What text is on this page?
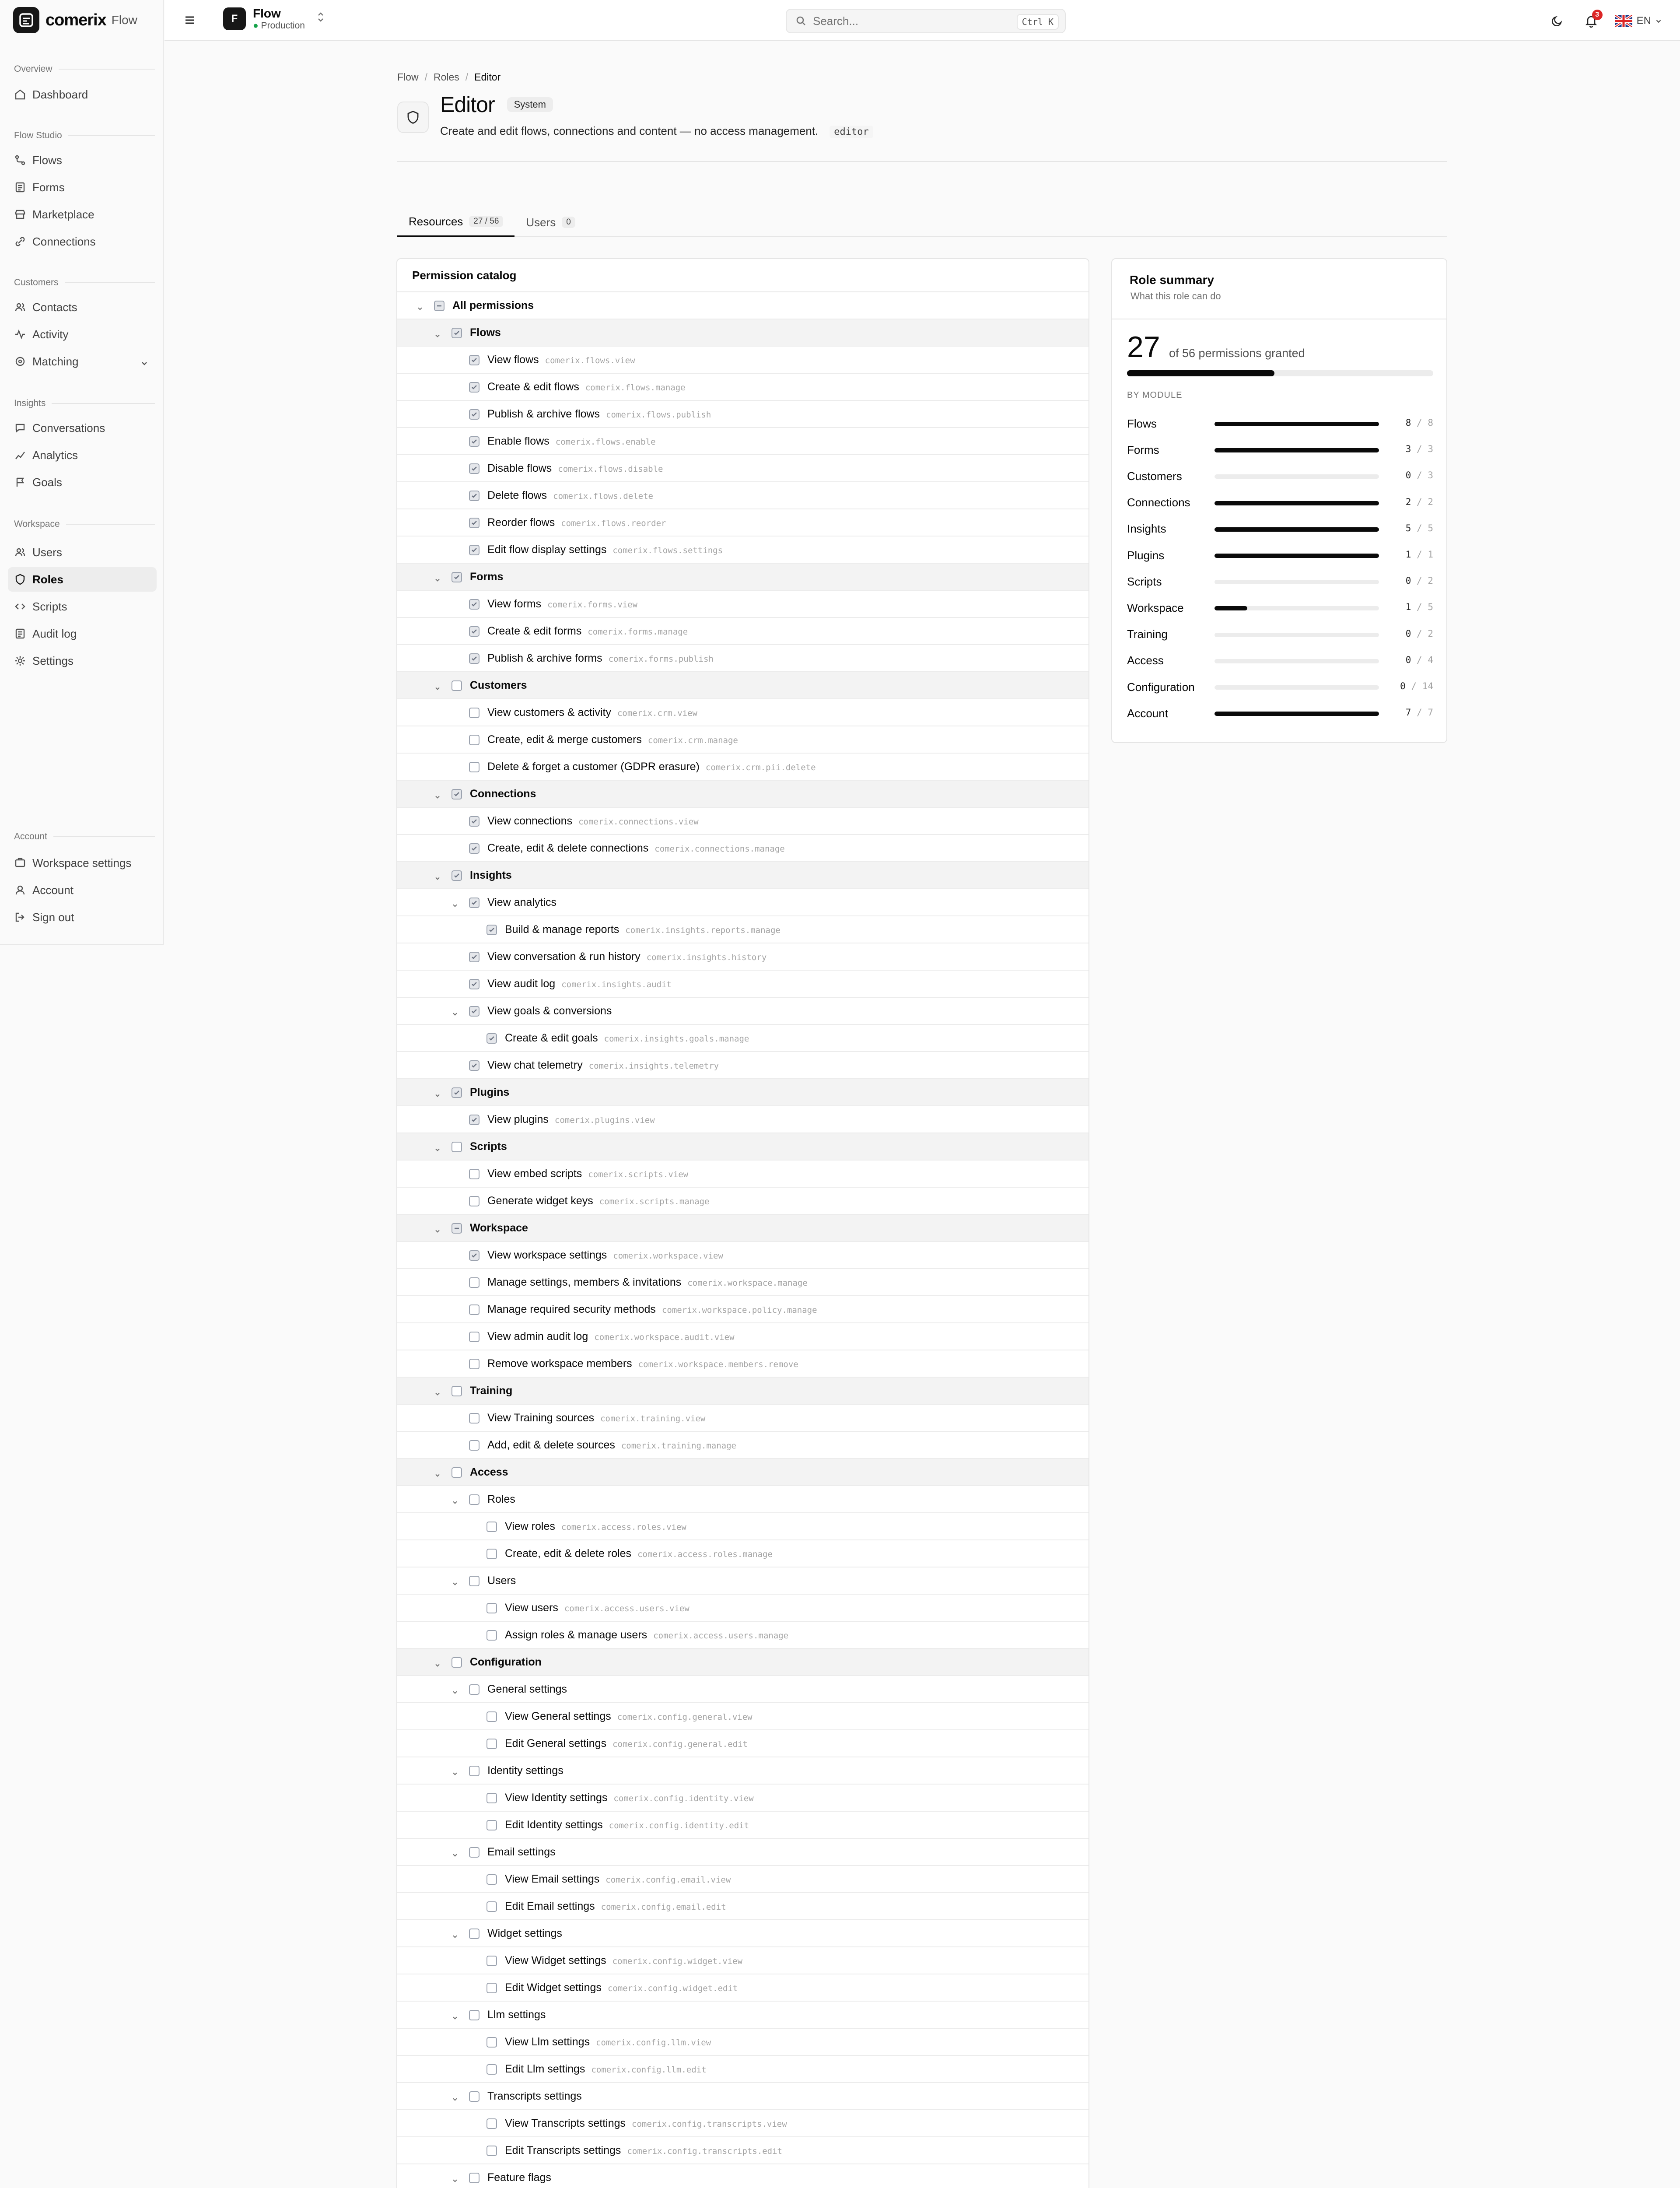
comerix Flow
Overview
Dashboard
Flow Studio
Flows
Forms
Marketplace
Connections
Customers
Contacts
Activity
Matching
Insights
Conversations
Analytics
Goals
Workspace
Users
Roles
Scripts
Audit log
Settings
Account
Workspace settings
Account
Sign out
F	Flow
● Production	Search...	Ctrl K
3
EN
Flow / Roles / Editor
Editor	System
Create and edit flows, connections and content — no access management. editor
Resources	27 / 56	Users	0
Permission catalog
All permissions
Flows
View flows comerix.flows.view
Create & edit flows comerix.flows.manage
Publish & archive flows comerix.flows.publish
Enable flows comerix.flows.enable
Disable flows comerix.flows.disable
Delete flows comerix.flows.delete
Reorder flows comerix.flows.reorder
Edit flow display settings comerix.flows.settings
Forms
View forms comerix.forms.view
Create & edit forms comerix.forms.manage
Publish & archive forms comerix.forms.publish
Customers
View customers & activity comerix.crm.view
Create, edit & merge customers comerix.crm.manage
Delete & forget a customer (GDPR erasure) comerix.crm.pii.delete
Connections
View connections comerix.connections.view
Create, edit & delete connections comerix.connections.manage
Insights
View analytics
Build & manage reports comerix.insights.reports.manage
View conversation & run history comerix.insights.history
View audit log comerix.insights.audit
View goals & conversions
Create & edit goals comerix.insights.goals.manage
View chat telemetry comerix.insights.telemetry
Plugins
View plugins comerix.plugins.view
Scripts
View embed scripts comerix.scripts.view
Generate widget keys comerix.scripts.manage
Workspace
View workspace settings comerix.workspace.view
Manage settings, members & invitations comerix.workspace.manage
Manage required security methods comerix.workspace.policy.manage
View admin audit log comerix.workspace.audit.view
Remove workspace members comerix.workspace.members.remove
Training
View Training sources comerix.training.view
Add, edit & delete sources comerix.training.manage
Access
Roles
View roles comerix.access.roles.view
Create, edit & delete roles comerix.access.roles.manage
Users
View users comerix.access.users.view
Assign roles & manage users comerix.access.users.manage
Configuration
General settings
View General settings comerix.config.general.view
Edit General settings comerix.config.general.edit
Identity settings
View Identity settings comerix.config.identity.view
Edit Identity settings comerix.config.identity.edit
Email settings
View Email settings comerix.config.email.view
Edit Email settings comerix.config.email.edit
Widget settings
View Widget settings comerix.config.widget.view
Edit Widget settings comerix.config.widget.edit
Llm settings
View Llm settings comerix.config.llm.view
Edit Llm settings comerix.config.llm.edit
Transcripts settings
View Transcripts settings comerix.config.transcripts.view
Edit Transcripts settings comerix.config.transcripts.edit
Feature flags
Role summary
What this role can do
27 of 56 permissions granted
BY MODULE
Flows	8 / 8
Forms	3 / 3
Customers	0 / 3
Connections	2 / 2
Insights	5 / 5
Plugins	1 / 1
Scripts	0 / 2
Workspace	1 / 5
Training	0 / 2
Access	0 / 4
Configuration	0 / 14
Account	7 / 7
